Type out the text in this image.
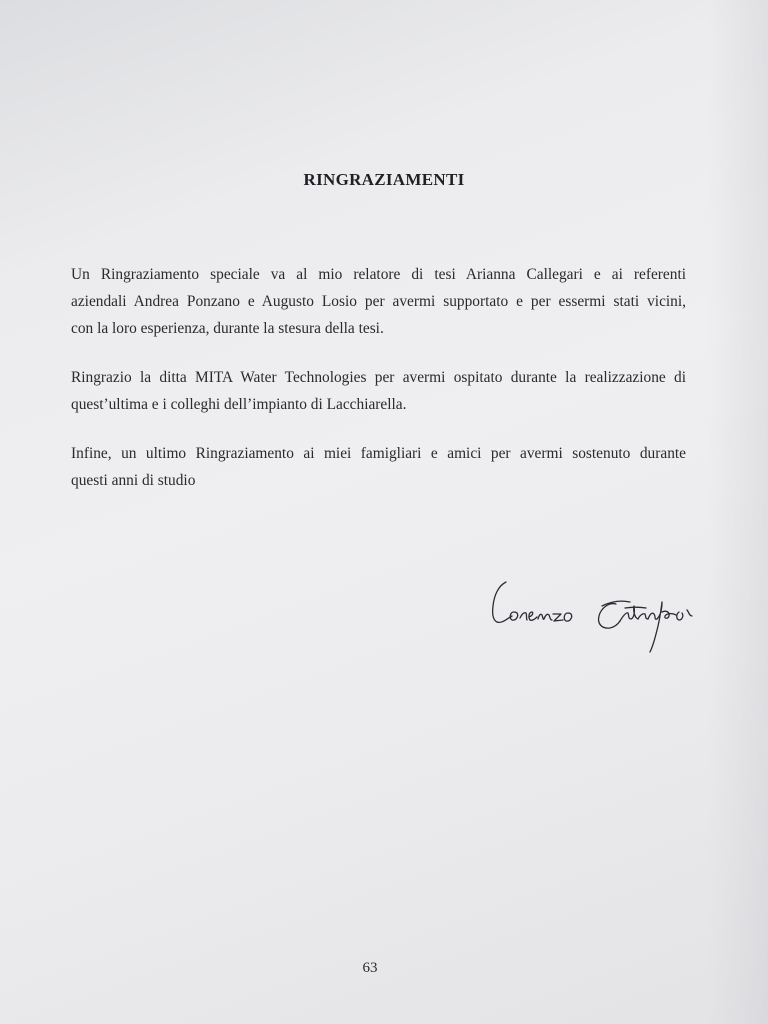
RINGRAZIAMENTI
Un Ringraziamento speciale va al mio relatore di tesi Arianna Callegari e ai referenti
aziendali Andrea Ponzano e Augusto Losio per avermi supportato e per essermi stati vicini,
con la loro esperienza, durante la stesura della tesi.
Ringrazio la ditta MITA Water Technologies per avermi ospitato durante la realizzazione di
quest’ultima e i colleghi dell’impianto di Lacchiarella.
Infine, un ultimo Ringraziamento ai miei famigliari e amici per avermi sostenuto durante
questi anni di studio
63
